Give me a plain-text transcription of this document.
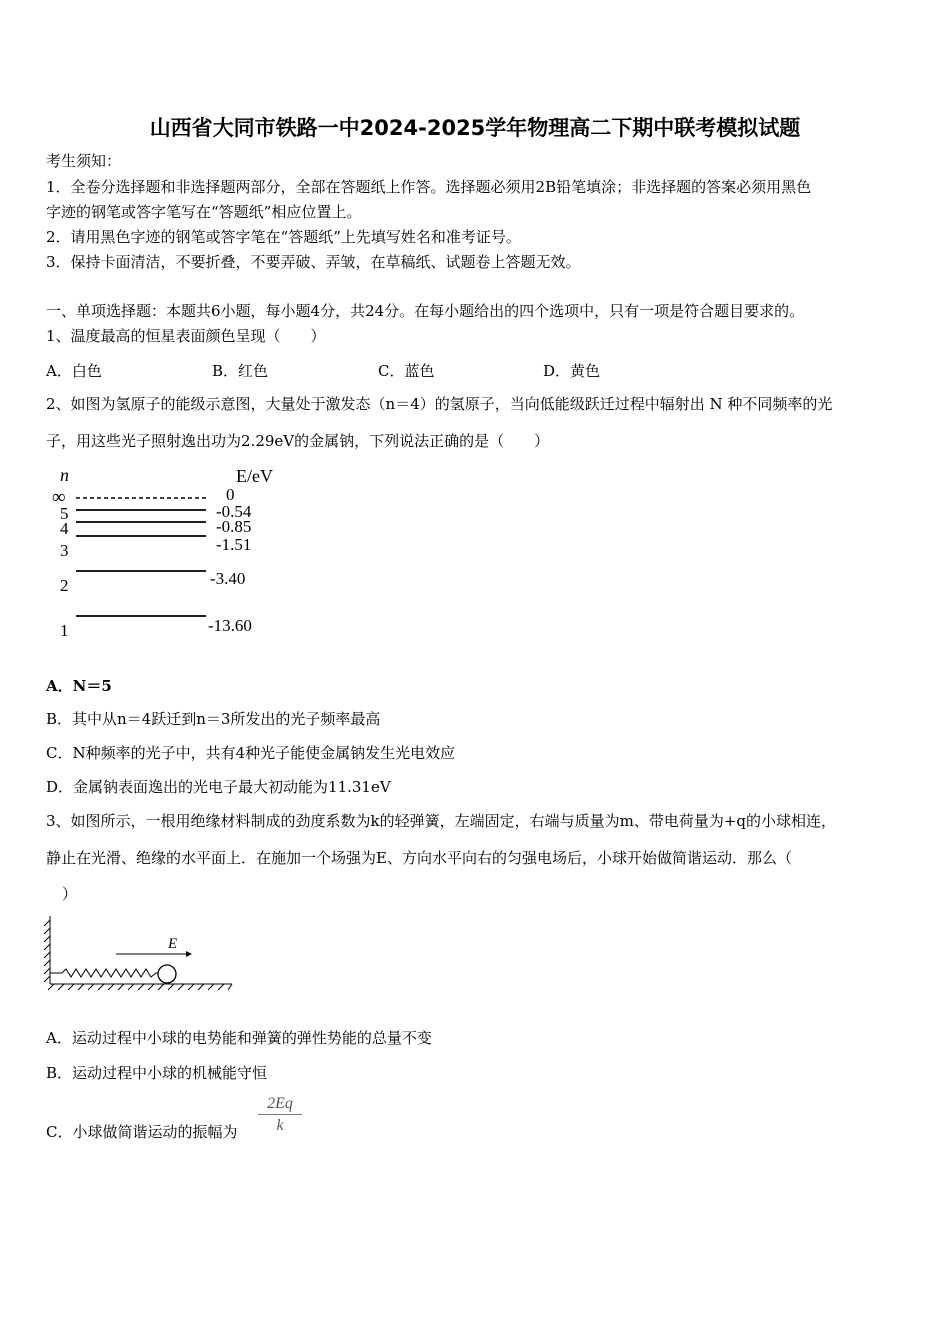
山西省大同市铁路一中2024-2025学年物理高二下期中联考模拟试题
考生须知：
1．全卷分选择题和非选择题两部分，全部在答题纸上作答。选择题必须用2B铅笔填涂；非选择题的答案必须用黑色
字迹的钢笔或答字笔写在“答题纸”相应位置上。
2．请用黑色字迹的钢笔或答字笔在“答题纸”上先填写姓名和准考证号。
3．保持卡面清洁，不要折叠，不要弄破、弄皱，在草稿纸、试题卷上答题无效。
一、单项选择题：本题共6小题，每小题4分，共24分。在每小题给出的四个选项中，只有一项是符合题目要求的。
1、温度最高的恒星表面颜色呈现（　　）
A．白色	B．红色	C．蓝色	D．黄色
2、如图为氢原子的能级示意图，大量处于激发态（n＝4）的氢原子，当向低能级跃迁过程中辐射出 N 种不同频率的光
子，用这些光子照射逸出功为2.29eV的金属钠，下列说法正确的是（　　）
n	E/eV
∞	0
5	-0.54
4	-0.85
3	-1.51
2	-3.40
1	-13.60
A．N＝5
B．其中从n＝4跃迁到n＝3所发出的光子频率最高
C．N种频率的光子中，共有4种光子能使金属钠发生光电效应
D．金属钠表面逸出的光电子最大初动能为11.31eV
3、如图所示，一根用绝缘材料制成的劲度系数为k的轻弹簧，左端固定，右端与质量为m、带电荷量为+q的小球相连，
静止在光滑、绝缘的水平面上．在施加一个场强为E、方向水平向右的匀强电场后，小球开始做简谐运动．那么（
）
E
A．运动过程中小球的电势能和弹簧的弹性势能的总量不变
B．运动过程中小球的机械能守恒
C．小球做简谐运动的振幅为 $\frac{2Eq}{k}$
